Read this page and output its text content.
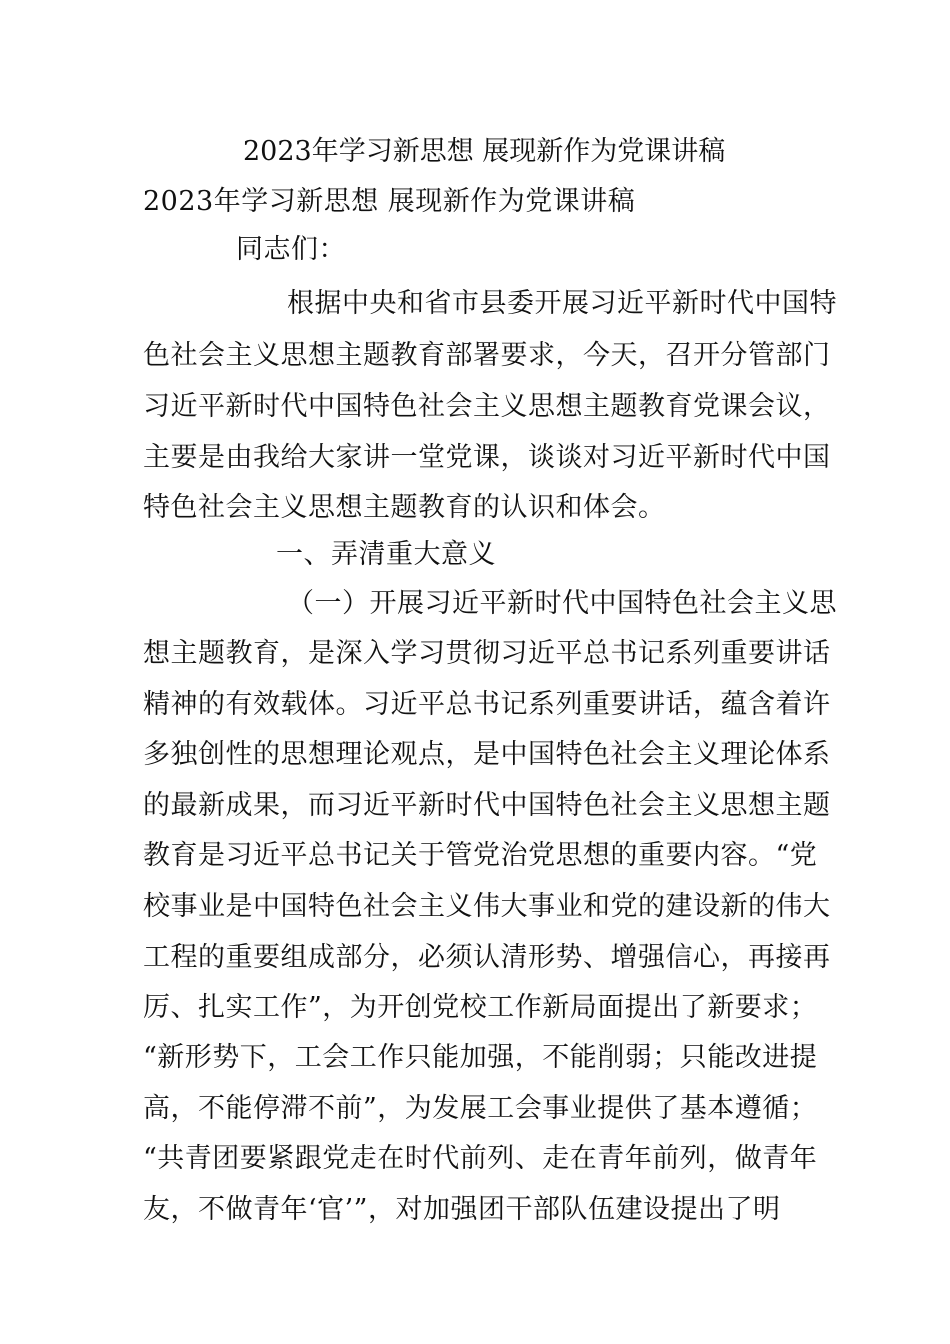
2023年学习新思想 展现新作为党课讲稿
2023年学习新思想 展现新作为党课讲稿
同志们：
根据中央和省市县委开展习近平新时代中国特
色社会主义思想主题教育部署要求，今天，召开分管部门
习近平新时代中国特色社会主义思想主题教育党课会议，
主要是由我给大家讲一堂党课，谈谈对习近平新时代中国
特色社会主义思想主题教育的认识和体会。
一、弄清重大意义
（一）开展习近平新时代中国特色社会主义思
想主题教育，是深入学习贯彻习近平总书记系列重要讲话
精神的有效载体。习近平总书记系列重要讲话，蕴含着许
多独创性的思想理论观点，是中国特色社会主义理论体系
的最新成果，而习近平新时代中国特色社会主义思想主题
教育是习近平总书记关于管党治党思想的重要内容。“党
校事业是中国特色社会主义伟大事业和党的建设新的伟大
工程的重要组成部分，必须认清形势、增强信心，再接再
厉、扎实工作”，为开创党校工作新局面提出了新要求；
“新形势下，工会工作只能加强，不能削弱；只能改进提
高，不能停滞不前”，为发展工会事业提供了基本遵循；
“共青团要紧跟党走在时代前列、走在青年前列，做青年
友，不做青年‘官’”，对加强团干部队伍建设提出了明
